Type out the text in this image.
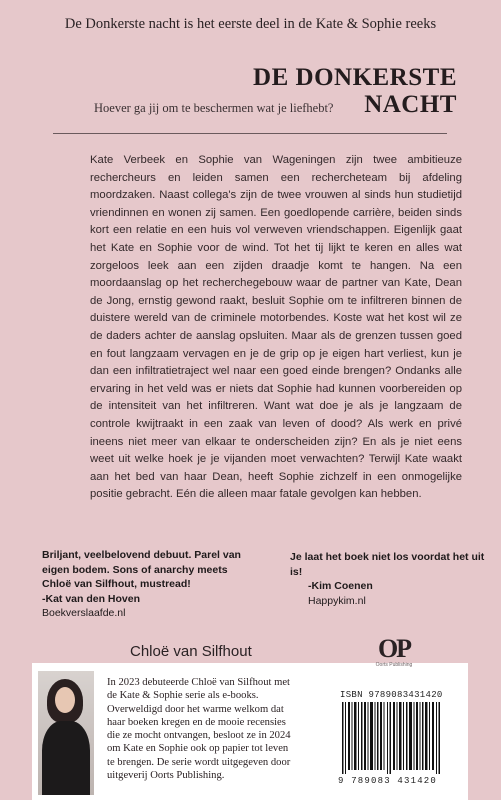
De Donkerste nacht is het eerste deel in de Kate & Sophie reeks
DE DONKERSTE
NACHT
Hoever ga jij om te beschermen wat je liefhebt?
Kate Verbeek en Sophie van Wageningen zijn twee ambitieuze rechercheurs en leiden samen een rechercheteam bij afdeling moordzaken. Naast collega's zijn de twee vrouwen al sinds hun studietijd vriendinnen en wonen zij samen. Een goedlopende carrière, beiden sinds kort een relatie en een huis vol verweven vriendschappen. Eigenlijk gaat het Kate en Sophie voor de wind. Tot het tij lijkt te keren en alles wat zorgeloos leek aan een zijden draadje komt te hangen. Na een moordaanslag op het recherchegebouw waar de partner van Kate, Dean de Jong, ernstig gewond raakt, besluit Sophie om te infiltreren binnen de duistere wereld van de criminele motorbendes. Koste wat het kost wil ze de daders achter de aanslag opsluiten. Maar als de grenzen tussen goed en fout langzaam vervagen en je de grip op je eigen hart verliest, kun je dan een infiltratietraject wel naar een goed einde brengen? Ondanks alle ervaring in het veld was er niets dat Sophie had kunnen voorbereiden op de intensiteit van het infiltreren. Want wat doe je als je langzaam de controle kwijtraakt in een zaak van leven of dood? Als werk en privé ineens niet meer van elkaar te onderscheiden zijn? En als je niet eens weet uit welke hoek je je vijanden moet verwachten? Terwijl Kate waakt aan het bed van haar Dean, heeft Sophie zichzelf in een onmogelijke positie gebracht. Eén die alleen maar fatale gevolgen kan hebben.
Briljant, veelbelovend debuut. Parel van eigen bodem. Sons of anarchy meets Chloë van Silfhout, mustread!
-Kat van den Hoven
Boekverslaafde.nl
Je laat het boek niet los voordat het uit is!
-Kim Coenen
Happykim.nl
Chloë van Silfhout
In 2023 debuteerde Chloë van Silfhout met de Kate & Sophie serie als e-books. Overweldigd door het warme welkom dat haar boeken kregen en de mooie recensies die ze mocht ontvangen, besloot ze in 2024 om Kate en Sophie ook op papier tot leven te brengen. De serie wordt uitgegeven door uitgeverij Oorts Publishing.
OP
Oorts Publishing
ISBN 9789083431420
9 789083 431420
